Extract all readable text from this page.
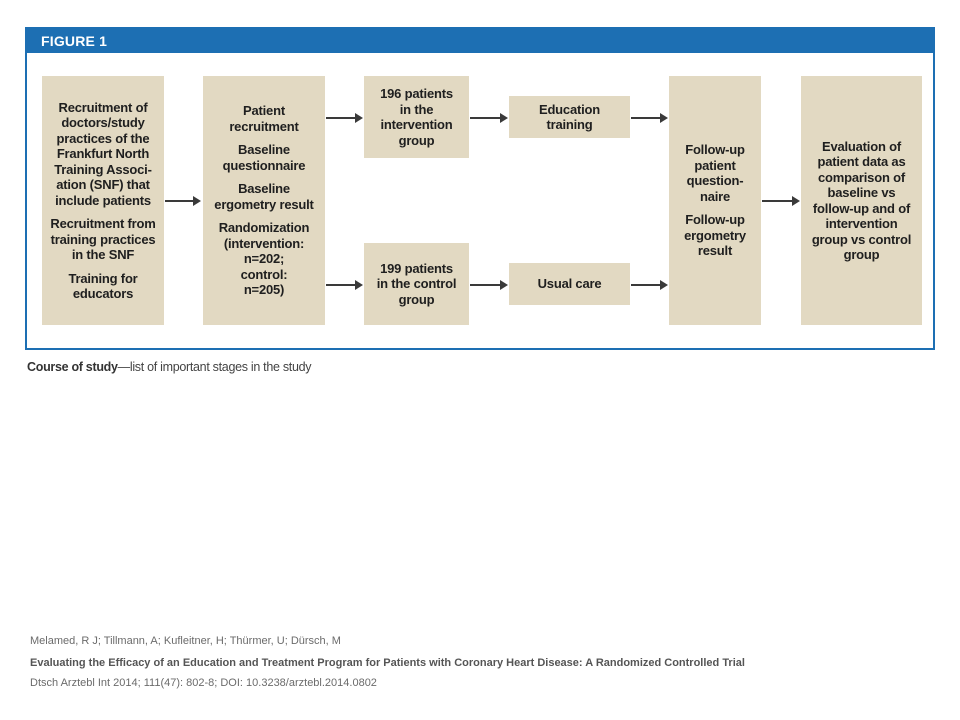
FIGURE 1

Recruitment of
doctors/study
practices of the
Frankfurt North
Training Associ-
ation (SNF) that
include patients

Recruitment from
training practices
in the SNF

Training for
educators

Patient
recruitment

Baseline
questionnaire

Baseline
ergometry result

Randomization
(intervention:
n=202;
control:
n=205)

196 patients
in the
intervention
group

199 patients
in the control
group

Education
training

Usual care

Follow-up
patient
question-
naire

Follow-up
ergometry
result

Evaluation of
patient data as
comparison of
baseline vs
follow-up and of
intervention
group vs control
group

Course of study—list of important stages in the study
Melamed, R J; Tillmann, A; Kufleitner, H; Thürmer, U; Dürsch, M
Evaluating the Efficacy of an Education and Treatment Program for Patients with Coronary Heart Disease: A Randomized Controlled Trial
Dtsch Arztebl Int 2014; 111(47): 802-8; DOI: 10.3238/arztebl.2014.0802
